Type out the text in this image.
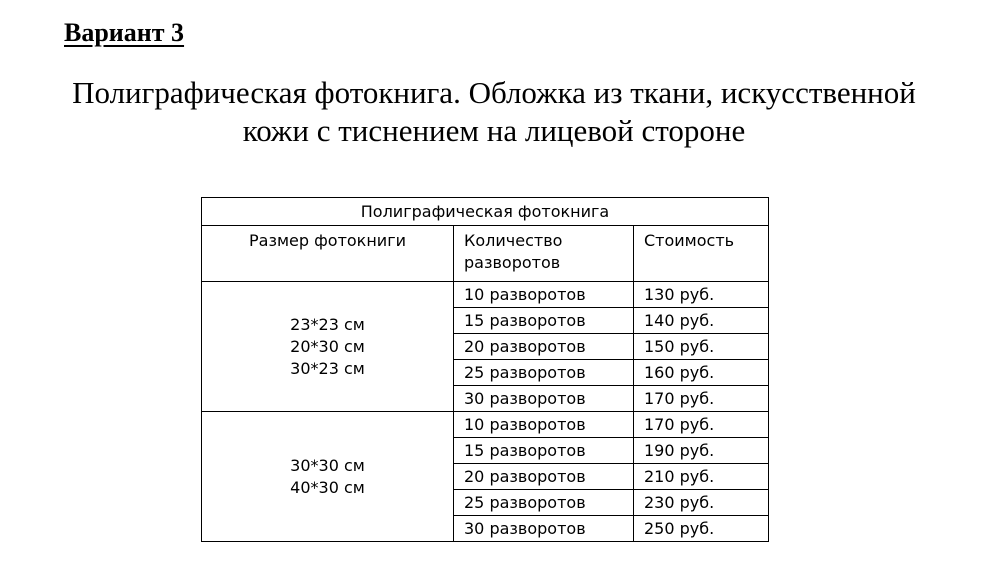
Вариант 3
Полиграфическая фотокнига. Обложка из ткани, искусственной
кожи с тиснением на лицевой стороне
Полиграфическая фотокнига		
Размер фотокниги	Количество разворотов	Стоимость

23*23 см
20*30 см
30*23 см	10 разворотов	130 руб.
	15 разворотов	140 руб.
	20 разворотов	150 руб.
	25 разворотов	160 руб.
	30 разворотов	170 руб.

30*30 см
40*30 см	10 разворотов	170 руб.
	15 разворотов	190 руб.
	20 разворотов	210 руб.
	25 разворотов	230 руб.
	30 разворотов	250 руб.
